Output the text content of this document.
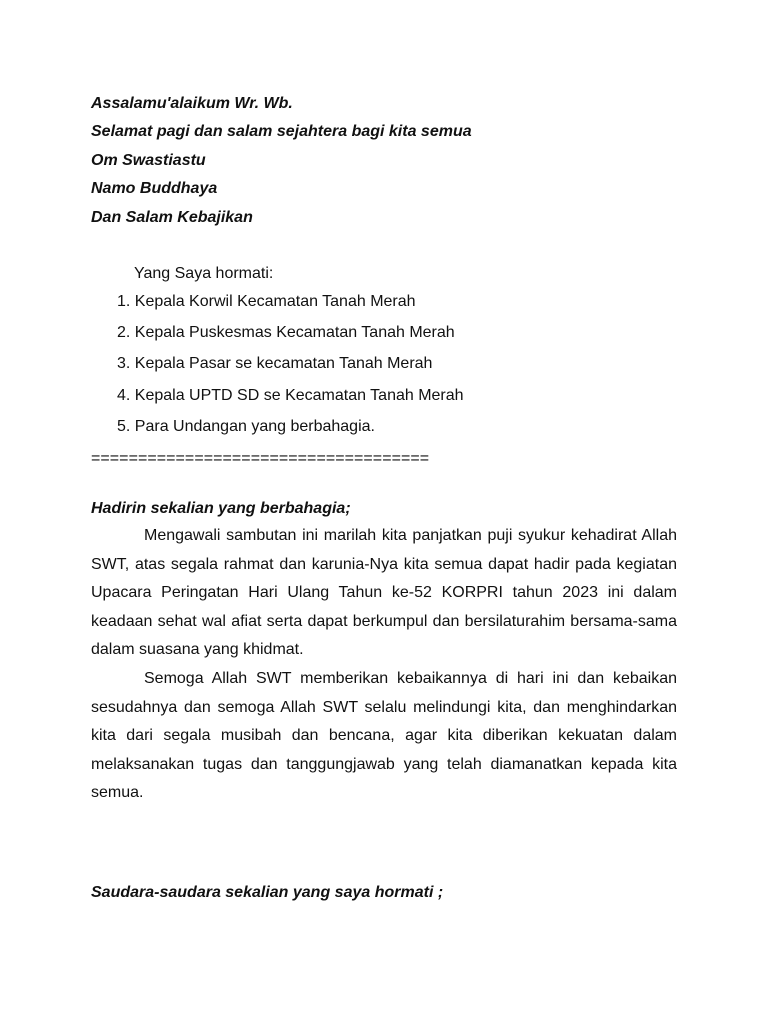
Assalamu'alaikum Wr. Wb.
Selamat pagi dan salam sejahtera bagi kita semua
Om Swastiastu
Namo Buddhaya
Dan Salam Kebajikan
Yang Saya hormati:
1. Kepala Korwil Kecamatan Tanah Merah
2. Kepala Puskesmas Kecamatan Tanah Merah
3. Kepala Pasar se kecamatan Tanah Merah
4. Kepala UPTD SD se Kecamatan Tanah Merah
5. Para Undangan yang berbahagia.
====================================
Hadirin sekalian yang berbahagia;

Mengawali sambutan ini marilah kita panjatkan puji syukur kehadirat Allah SWT, atas segala rahmat dan karunia-Nya kita semua dapat hadir pada kegiatan Upacara Peringatan Hari Ulang Tahun ke-52 KORPRI tahun 2023 ini dalam keadaan sehat wal afiat serta dapat berkumpul dan bersilaturahim bersama-sama dalam suasana yang khidmat.

Semoga Allah SWT memberikan kebaikannya di hari ini dan kebaikan sesudahnya dan semoga Allah SWT selalu melindungi kita, dan menghindarkan kita dari segala musibah dan bencana, agar kita diberikan kekuatan dalam melaksanakan tugas dan tanggungjawab yang telah diamanatkan kepada kita semua.

Saudara-saudara sekalian yang saya hormati ;
